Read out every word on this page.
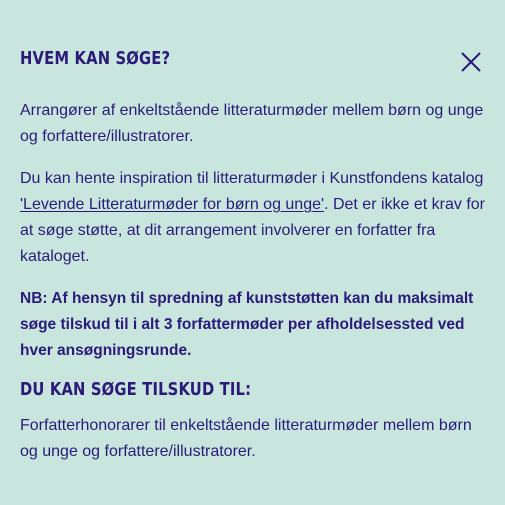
HVEM KAN SØGE?

Arrangører af enkeltstående litteraturmøder mellem børn og unge og forfattere/illustratorer.

Du kan hente inspiration til litteraturmøder i Kunstfondens katalog 'Levende Litteraturmøder for børn og unge'. Det er ikke et krav for at søge støtte, at dit arrangement involverer en forfatter fra kataloget.

NB: Af hensyn til spredning af kunststøtten kan du maksimalt søge tilskud til i alt 3 forfattermøder per afholdelsessted ved hver ansøgningsrunde.

DU KAN SØGE TILSKUD TIL:

Forfatterhonorarer til enkeltstående litteraturmøder mellem børn og unge og forfattere/illustratorer.
